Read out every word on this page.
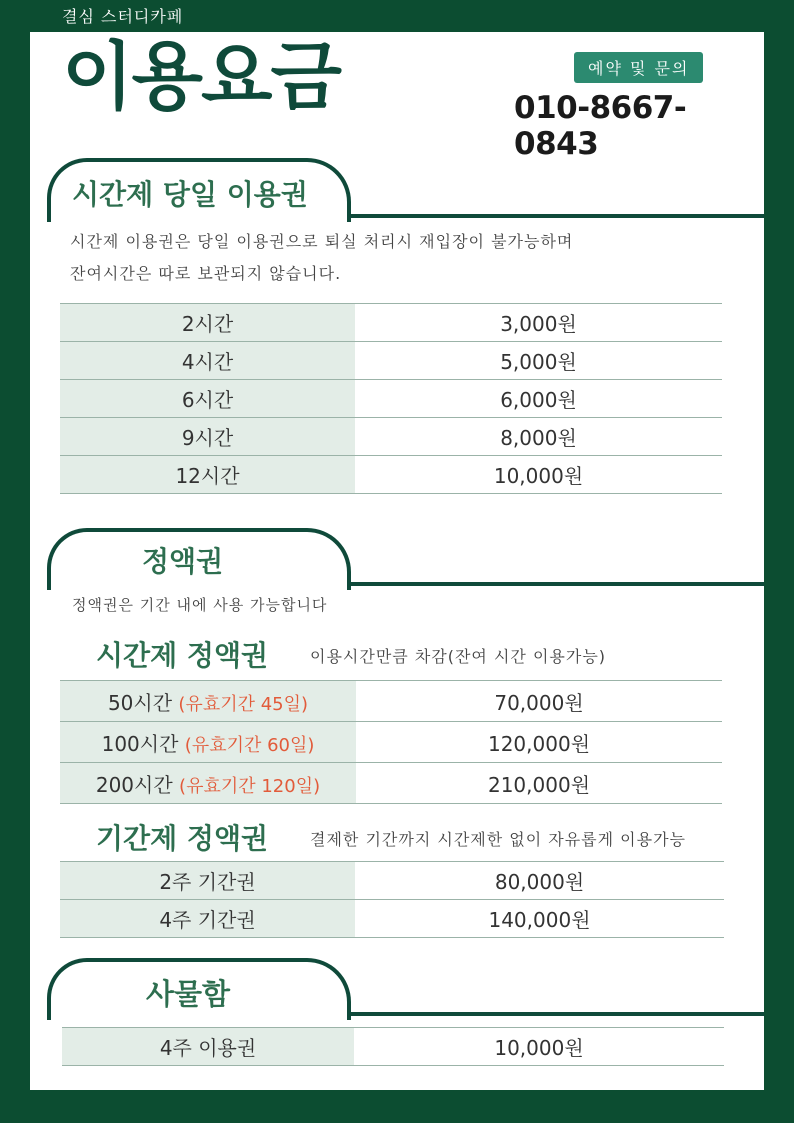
결심 스터디카페
이용요금	예약 및 문의
010-8667-0843
시간제 당일 이용권
시간제 이용권은 당일 이용권으로 퇴실 처리시 재입장이 불가능하며
잔여시간은 따로 보관되지 않습니다.
2시간	3,000원
4시간	5,000원
6시간	6,000원
9시간	8,000원
12시간	10,000원
정액권
정액권은 기간 내에 사용 가능합니다
시간제 정액권	이용시간만큼 차감(잔여 시간 이용가능)
50시간 (유효기간 45일)	70,000원
100시간 (유효기간 60일)	120,000원
200시간 (유효기간 120일)	210,000원
기간제 정액권	결제한 기간까지 시간제한 없이 자유롭게 이용가능
2주 기간권	80,000원
4주 기간권	140,000원
사물함
4주 이용권	10,000원
